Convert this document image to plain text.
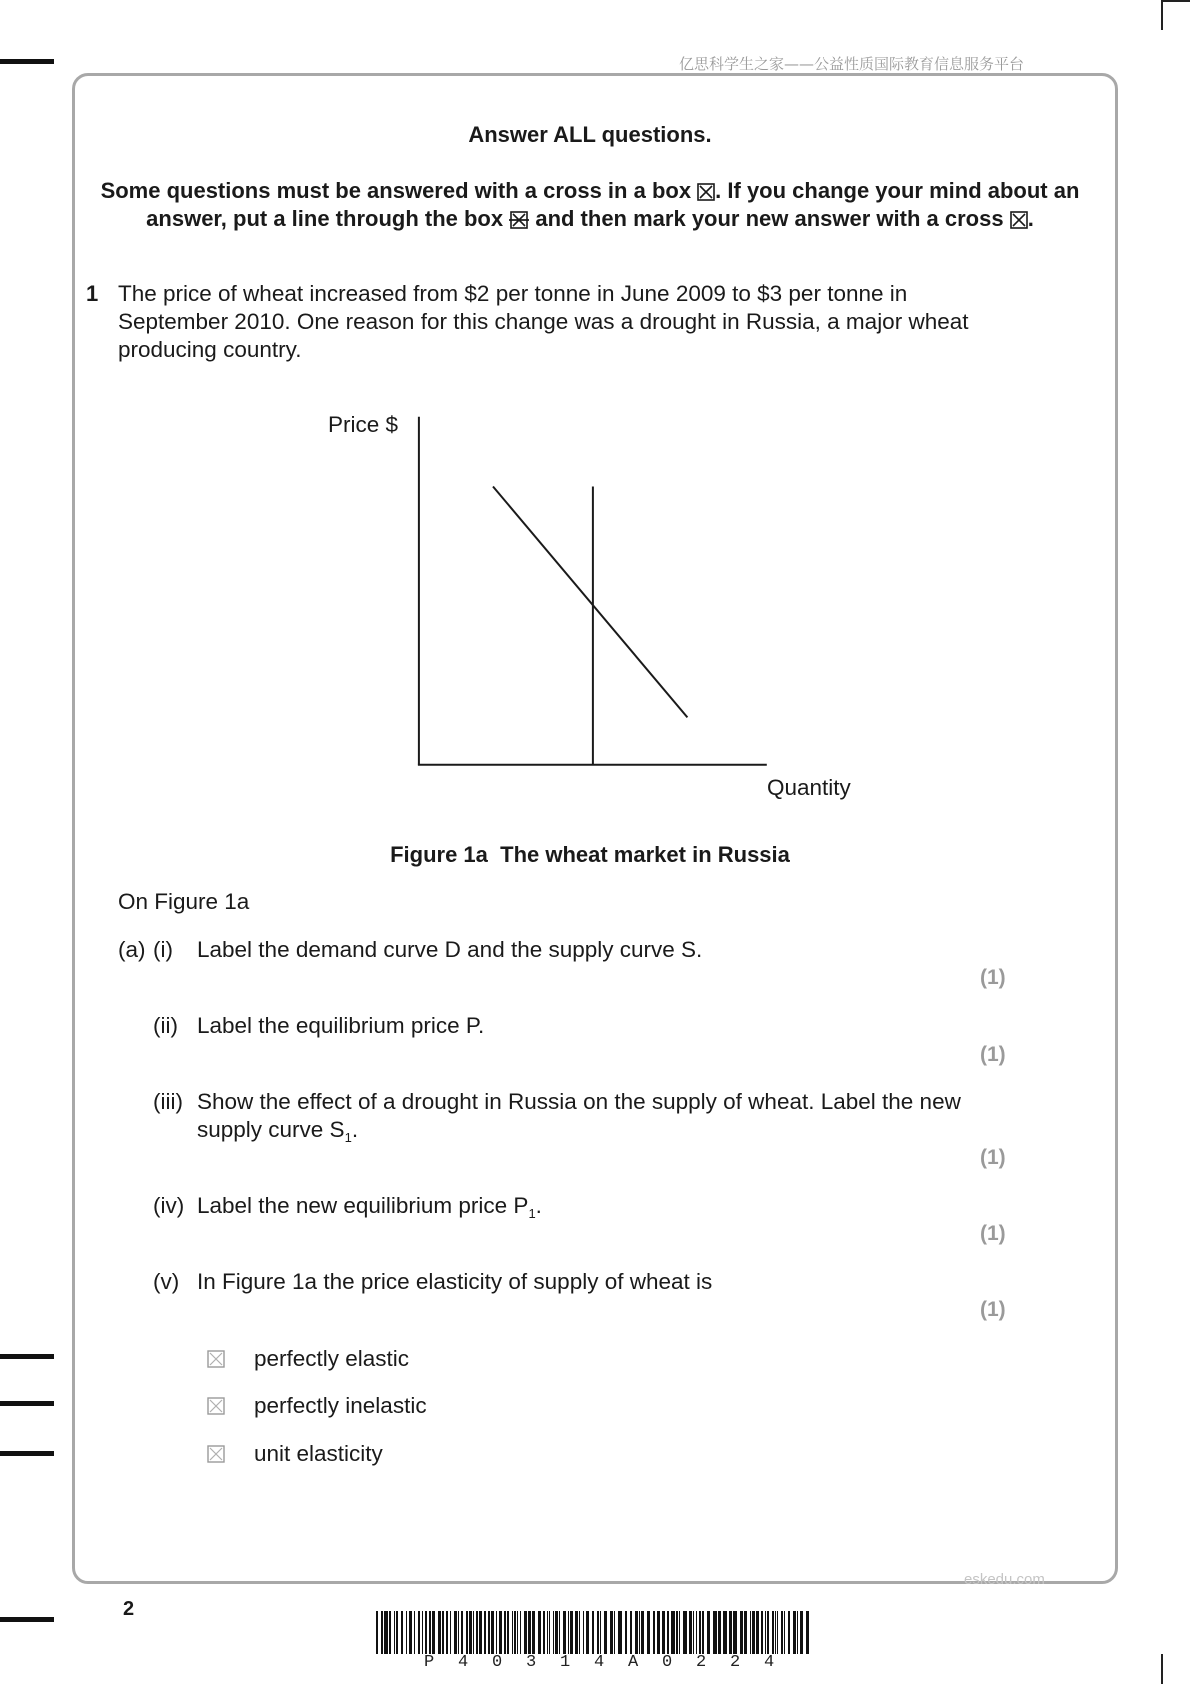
亿思科学生之家——公益性质国际教育信息服务平台
Answer ALL questions.
Some questions must be answered with a cross in a box ☒. If you change your mind about an
answer, put a line through the box  and then mark your new answer with a cross ☒.
1 The price of wheat increased from $2 per tonne in June 2009 to $3 per tonne in
September 2010. One reason for this change was a drought in Russia, a major wheat
producing country.
Price $
Quantity
Figure 1a  The wheat market in Russia
On Figure 1a
(a) (i) Label the demand curve D and the supply curve S.
(1)
(ii) Label the equilibrium price P.
(1)
(iii) Show the effect of a drought in Russia on the supply of wheat. Label the new
supply curve $S_1$.
(1)
(iv) Label the new equilibrium price $P_1$.
(1)
(v) In Figure 1a the price elasticity of supply of wheat is
(1)
perfectly elastic
perfectly inelastic
unit elasticity
eskedu.com
2
P 4 0 3 1 4 A 0 2 2 4
